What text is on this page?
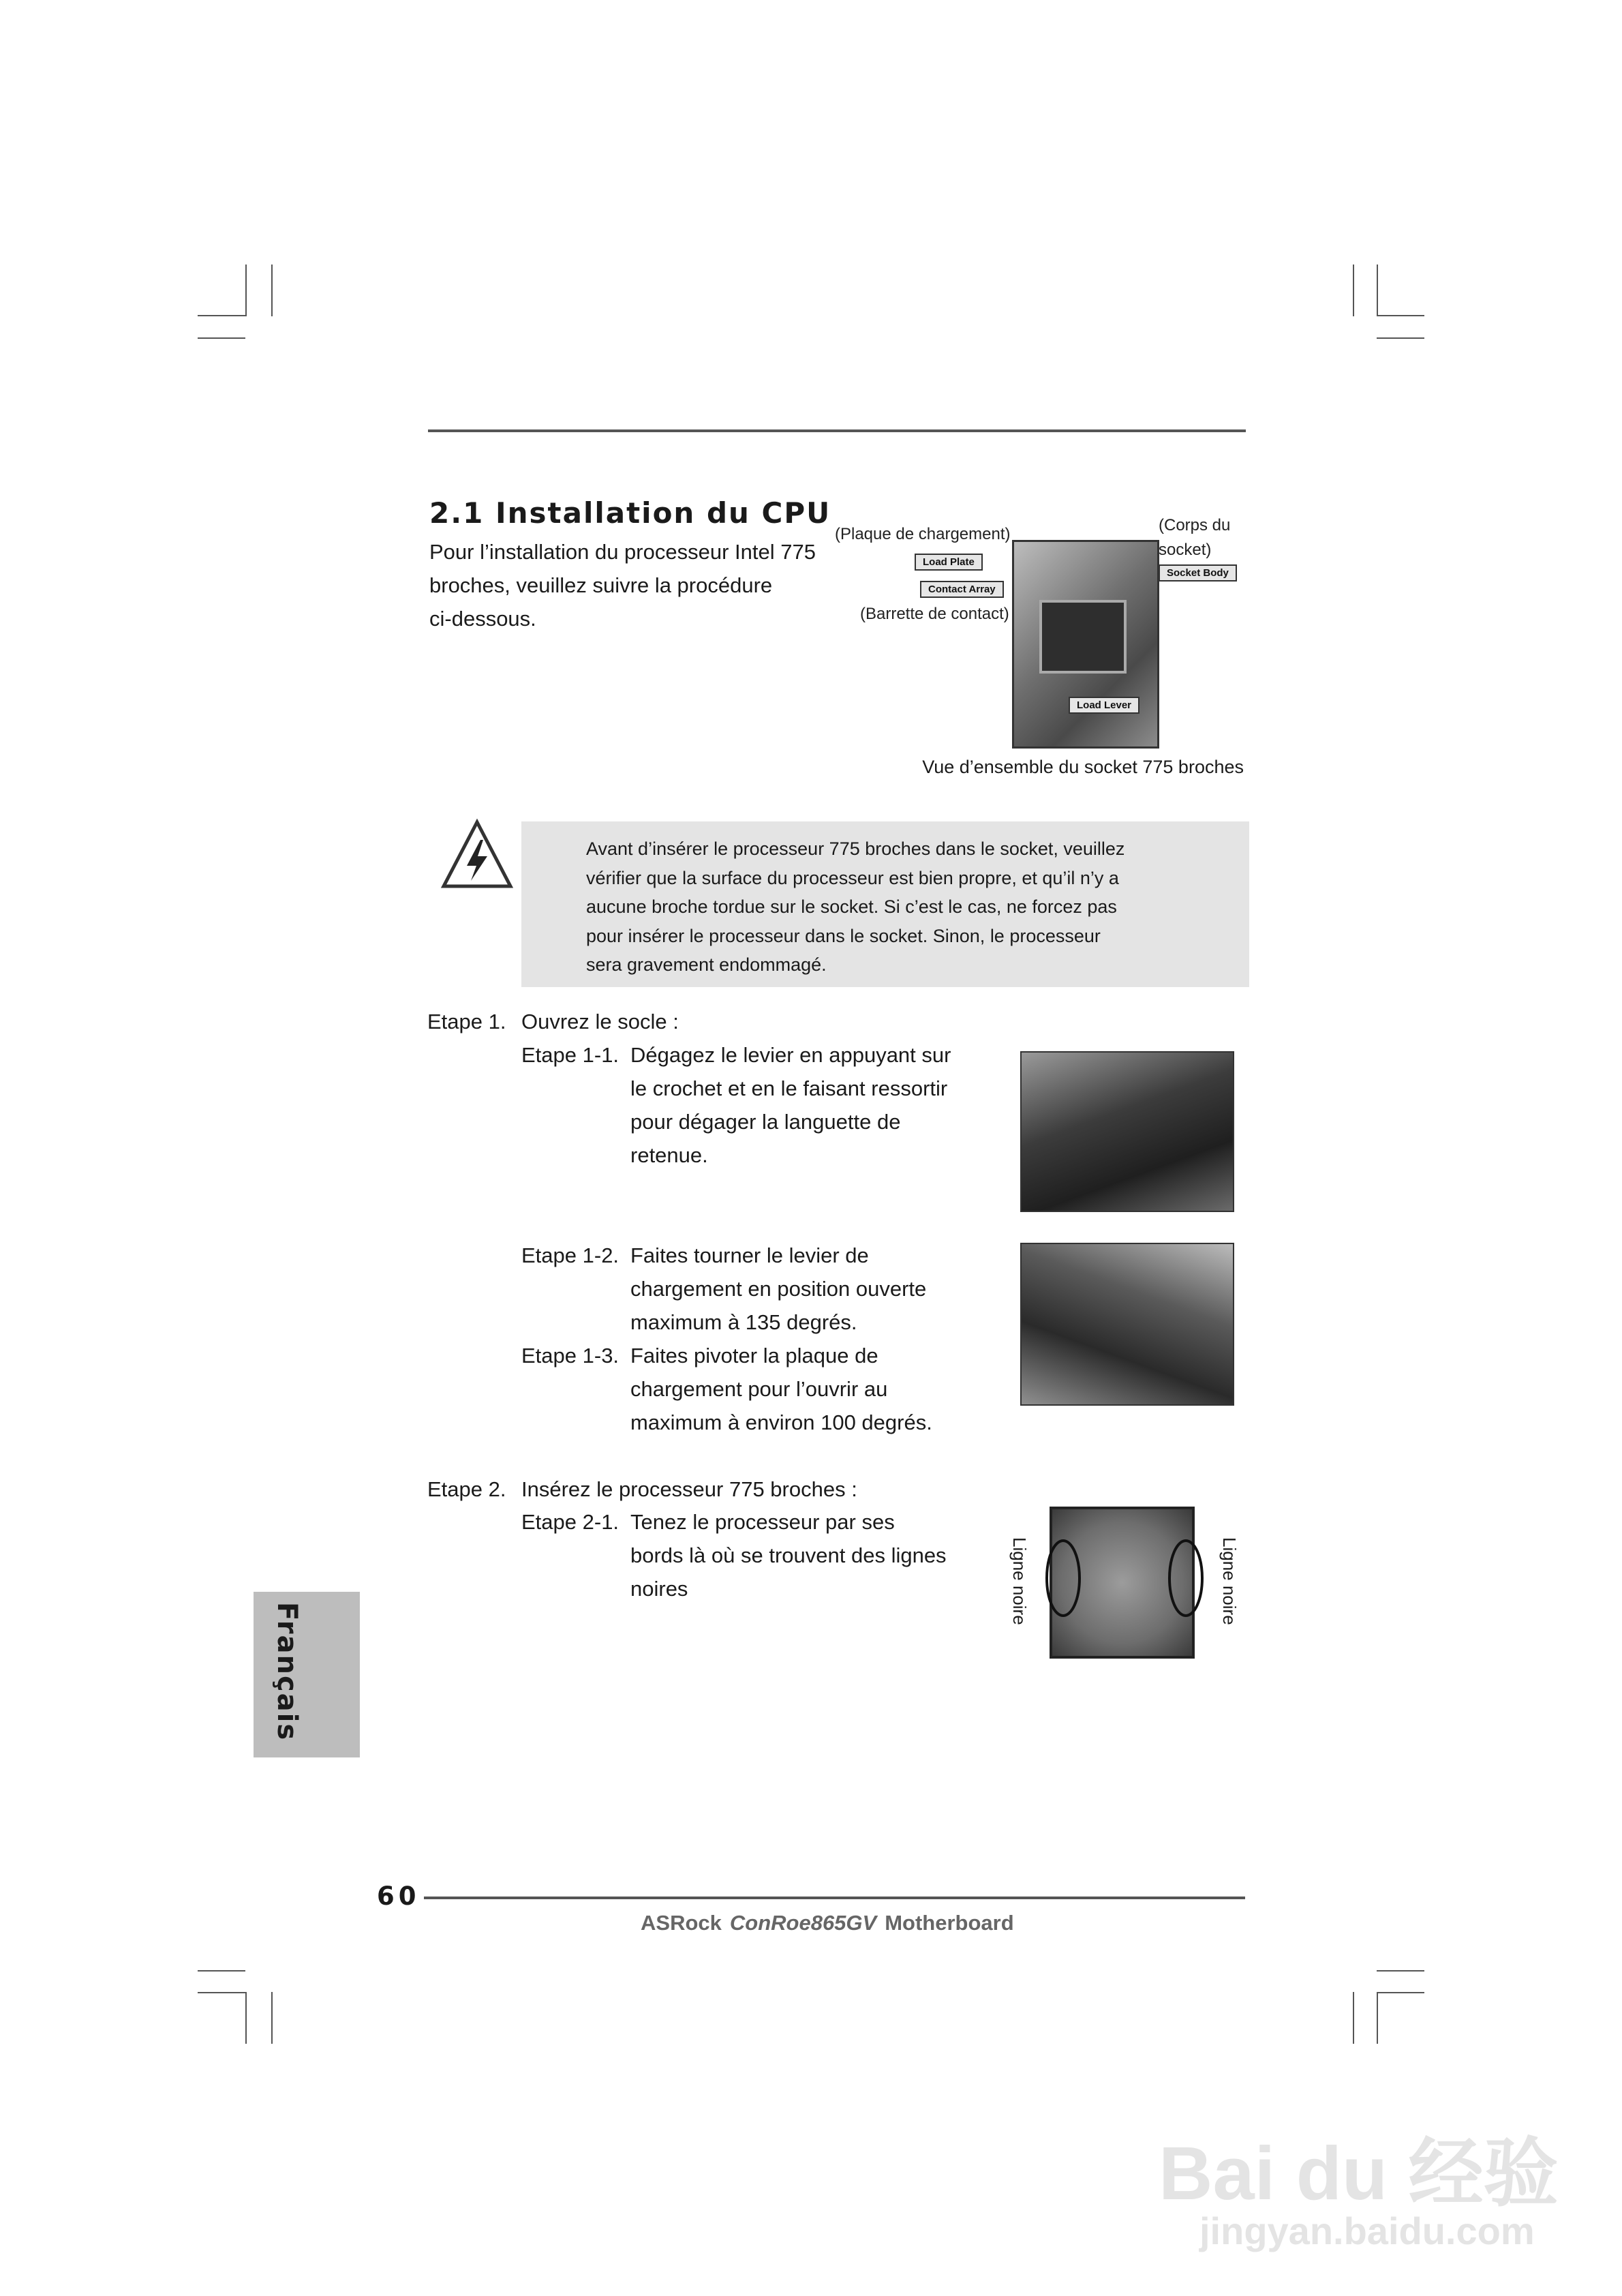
2.1 Installation du CPU
Pour l’installation du processeur Intel 775
broches, veuillez suivre la procédure
ci-dessous.
(Plaque de chargement)
(Barrette de contact)
(Corps du
socket)
Load Plate
Contact Array
Socket Body
Load Lever
Vue d’ensemble du socket 775 broches
Avant d’insérer le processeur 775 broches dans le socket, veuillez
vérifier que la surface du processeur est bien propre, et qu’il n’y a
aucune broche tordue sur le socket. Si c’est le cas, ne forcez pas
pour insérer le processeur dans le socket. Sinon, le processeur
sera gravement endommagé.
Etape 1. Ouvrez le socle :
Etape 1-1. Dégagez le levier en appuyant sur
le crochet et en le faisant ressortir
pour dégager la languette de
retenue.
Etape 1-2. Faites tourner le levier de
chargement en position ouverte
maximum à 135 degrés.
Etape 1-3. Faites pivoter la plaque de
chargement pour l’ouvrir au
maximum à environ 100 degrés.
Etape 2. Insérez le processeur 775 broches :
Etape 2-1. Tenez le processeur par ses
bords là où se trouvent des lignes
noires	Ligne noire	Ligne noire
Français
60
ASRock ConRoe865GV Motherboard
Bai du 经验
jingyan.baidu.com
